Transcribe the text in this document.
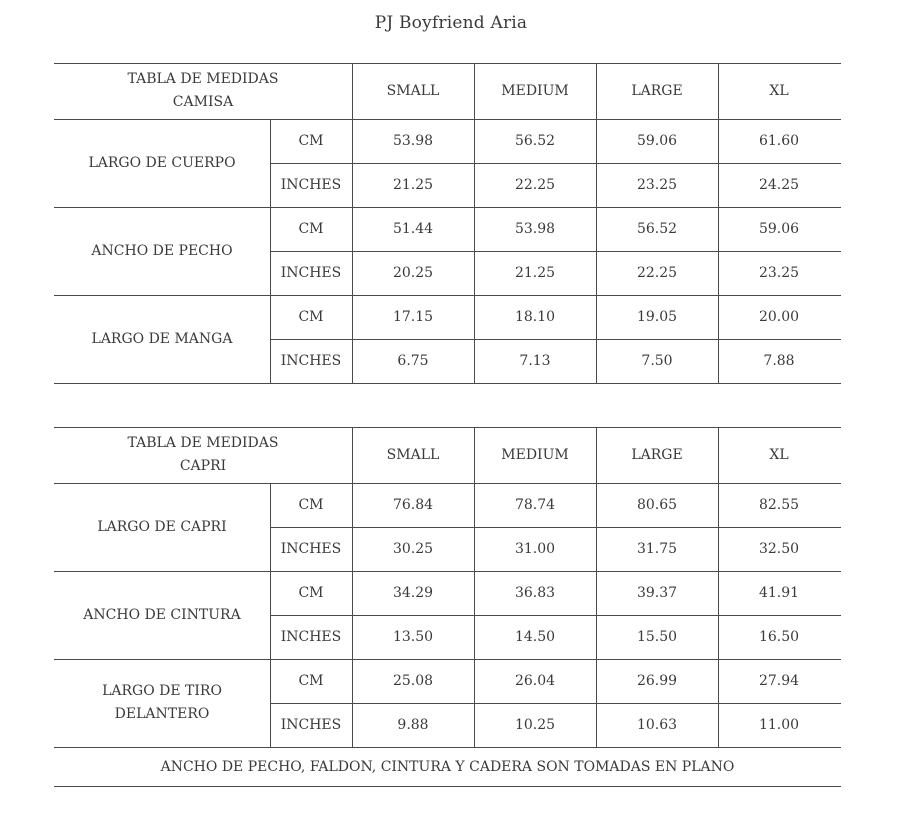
PJ Boyfriend Aria
TABLA DE MEDIDAS
CAMISA
SMALL	MEDIUM	LARGE	XL
LARGO DE CUERPO
CM	53.98	56.52	59.06	61.60
INCHES	21.25	22.25	23.25	24.25
ANCHO DE PECHO
CM	51.44	53.98	56.52	59.06
INCHES	20.25	21.25	22.25	23.25
LARGO DE MANGA
CM	17.15	18.10	19.05	20.00
INCHES	6.75	7.13	7.50	7.88
TABLA DE MEDIDAS
CAPRI
SMALL	MEDIUM	LARGE	XL
LARGO DE CAPRI
CM	76.84	78.74	80.65	82.55
INCHES	30.25	31.00	31.75	32.50
ANCHO DE CINTURA
CM	34.29	36.83	39.37	41.91
INCHES	13.50	14.50	15.50	16.50
LARGO DE TIRO
DELANTERO
CM	25.08	26.04	26.99	27.94
INCHES	9.88	10.25	10.63	11.00
ANCHO DE PECHO, FALDON, CINTURA Y CADERA SON TOMADAS EN PLANO
